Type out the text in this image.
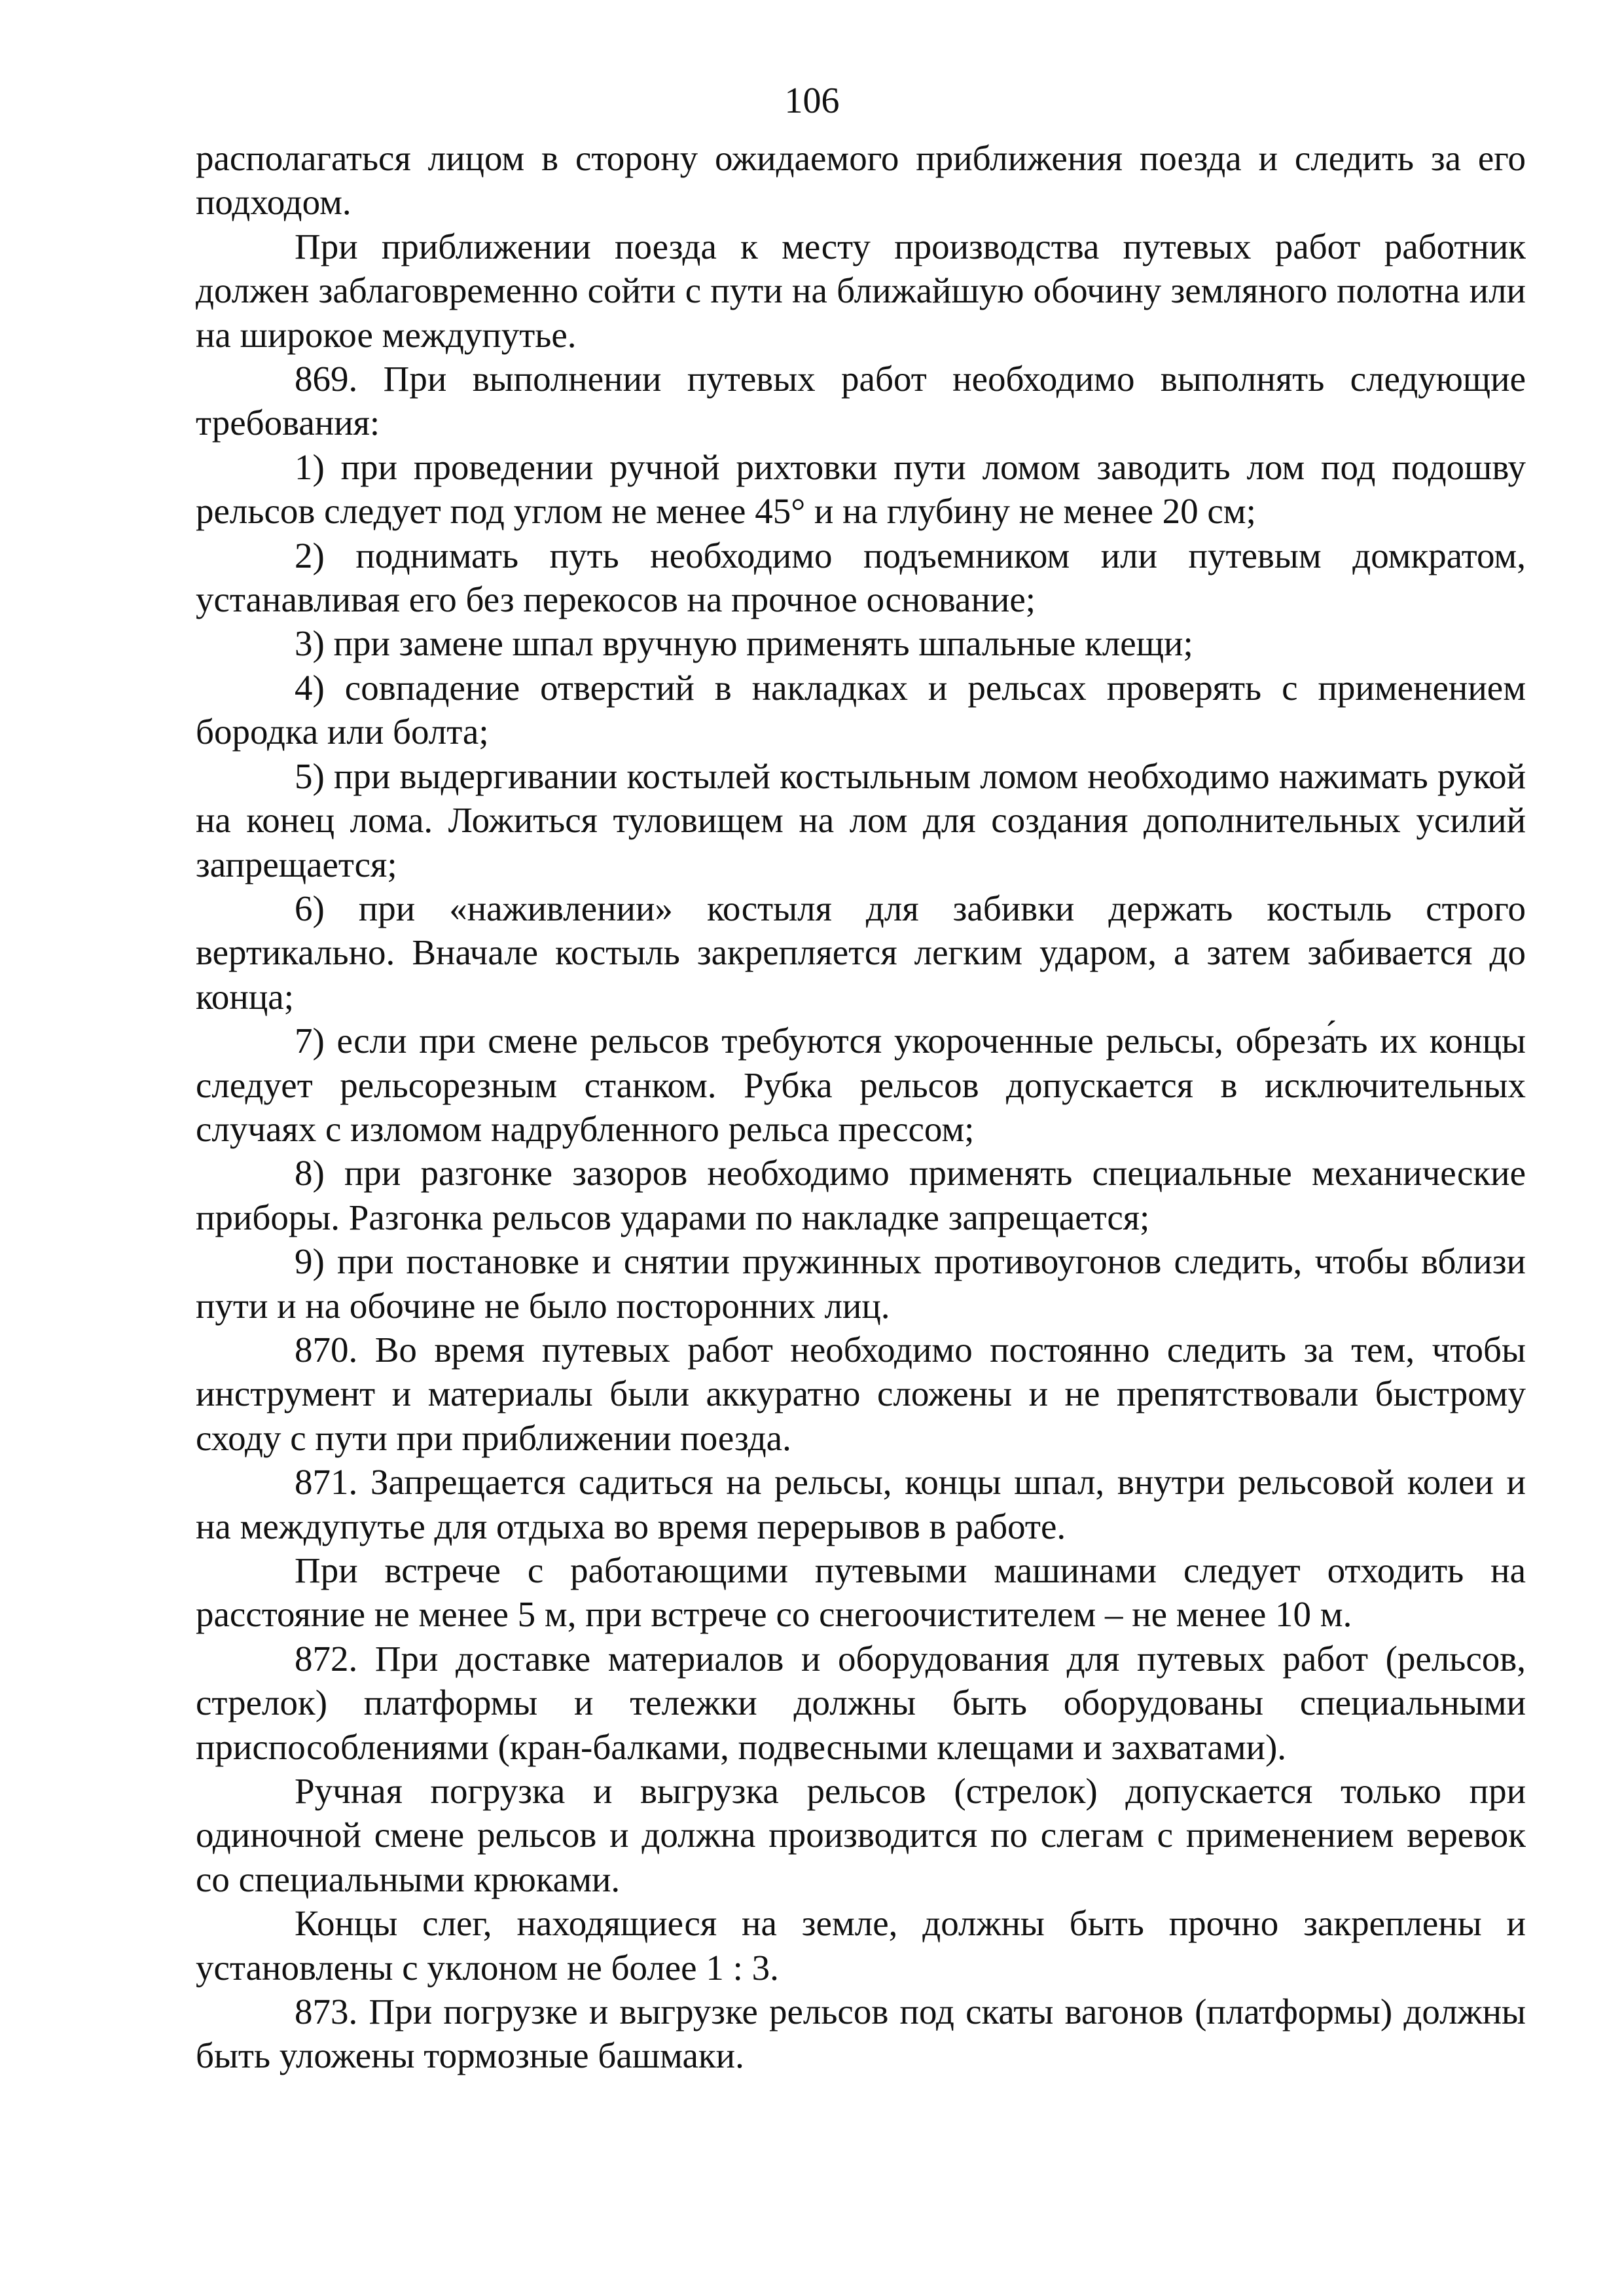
106

располагаться лицом в сторону ожидаемого приближения поезда и следить за его подходом.

При приближении поезда к месту производства путевых работ работник должен заблаговременно сойти с пути на ближайшую обочину земляного полотна или на широкое междупутье.

869. При выполнении путевых работ необходимо выполнять следующие требования:

1) при проведении ручной рихтовки пути ломом заводить лом под подошву рельсов следует под углом не менее 45° и на глубину не менее 20 см;

2) поднимать путь необходимо подъемником или путевым домкратом, устанавливая его без перекосов на прочное основание;

3) при замене шпал вручную применять шпальные клещи;

4) совпадение отверстий в накладках и рельсах проверять с применением бородка или болта;

5) при выдергивании костылей костыльным ломом необходимо нажимать рукой на конец лома. Ложиться туловищем на лом для создания дополнительных усилий запрещается;

6) при «наживлении» костыля для забивки держать костыль строго вертикально. Вначале костыль закрепляется легким ударом, а затем забивается до конца;

7) если при смене рельсов требуются укороченные рельсы, обреза́ть их концы следует рельсорезным станком. Рубка рельсов допускается в исключительных случаях с изломом надрубленного рельса прессом;

8) при разгонке зазоров необходимо применять специальные механические приборы. Разгонка рельсов ударами по накладке запрещается;

9) при постановке и снятии пружинных противоугонов следить, чтобы вблизи пути и на обочине не было посторонних лиц.

870. Во время путевых работ необходимо постоянно следить за тем, чтобы инструмент и материалы были аккуратно сложены и не препятствовали быстрому сходу с пути при приближении поезда.

871. Запрещается садиться на рельсы, концы шпал, внутри рельсовой колеи и на междупутье для отдыха во время перерывов в работе.

При встрече с работающими путевыми машинами следует отходить на расстояние не менее 5 м, при встрече со снегоочистителем – не менее 10 м.

872. При доставке материалов и оборудования для путевых работ (рельсов, стрелок) платформы и тележки должны быть оборудованы специальными приспособлениями (кран-балками, подвесными клещами и захватами).

Ручная погрузка и выгрузка рельсов (стрелок) допускается только при одиночной смене рельсов и должна производится по слегам с применением веревок со специальными крюками.

Концы слег, находящиеся на земле, должны быть прочно закреплены и установлены с уклоном не более 1 : 3.

873. При погрузке и выгрузке рельсов под скаты вагонов (платформы) должны быть уложены тормозные башмаки.
